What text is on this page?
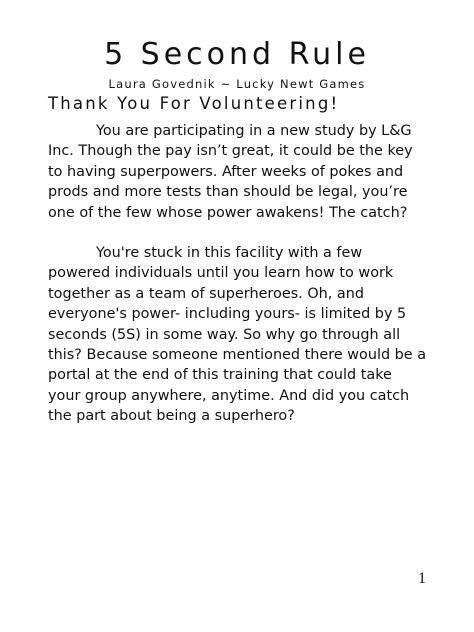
5 Second Rule
Laura Govednik ~ Lucky Newt Games
Thank You For Volunteering!

You are participating in a new study by L&G Inc. Though the pay isn’t great, it could be the key to having superpowers. After weeks of pokes and prods and more tests than should be legal, you’re one of the few whose power awakens! The catch?

You're stuck in this facility with a few powered individuals until you learn how to work together as a team of superheroes. Oh, and everyone's power- including yours- is limited by 5 seconds (5S) in some way. So why go through all this? Because someone mentioned there would be a portal at the end of this training that could take your group anywhere, anytime. And did you catch the part about being a superhero?

1
